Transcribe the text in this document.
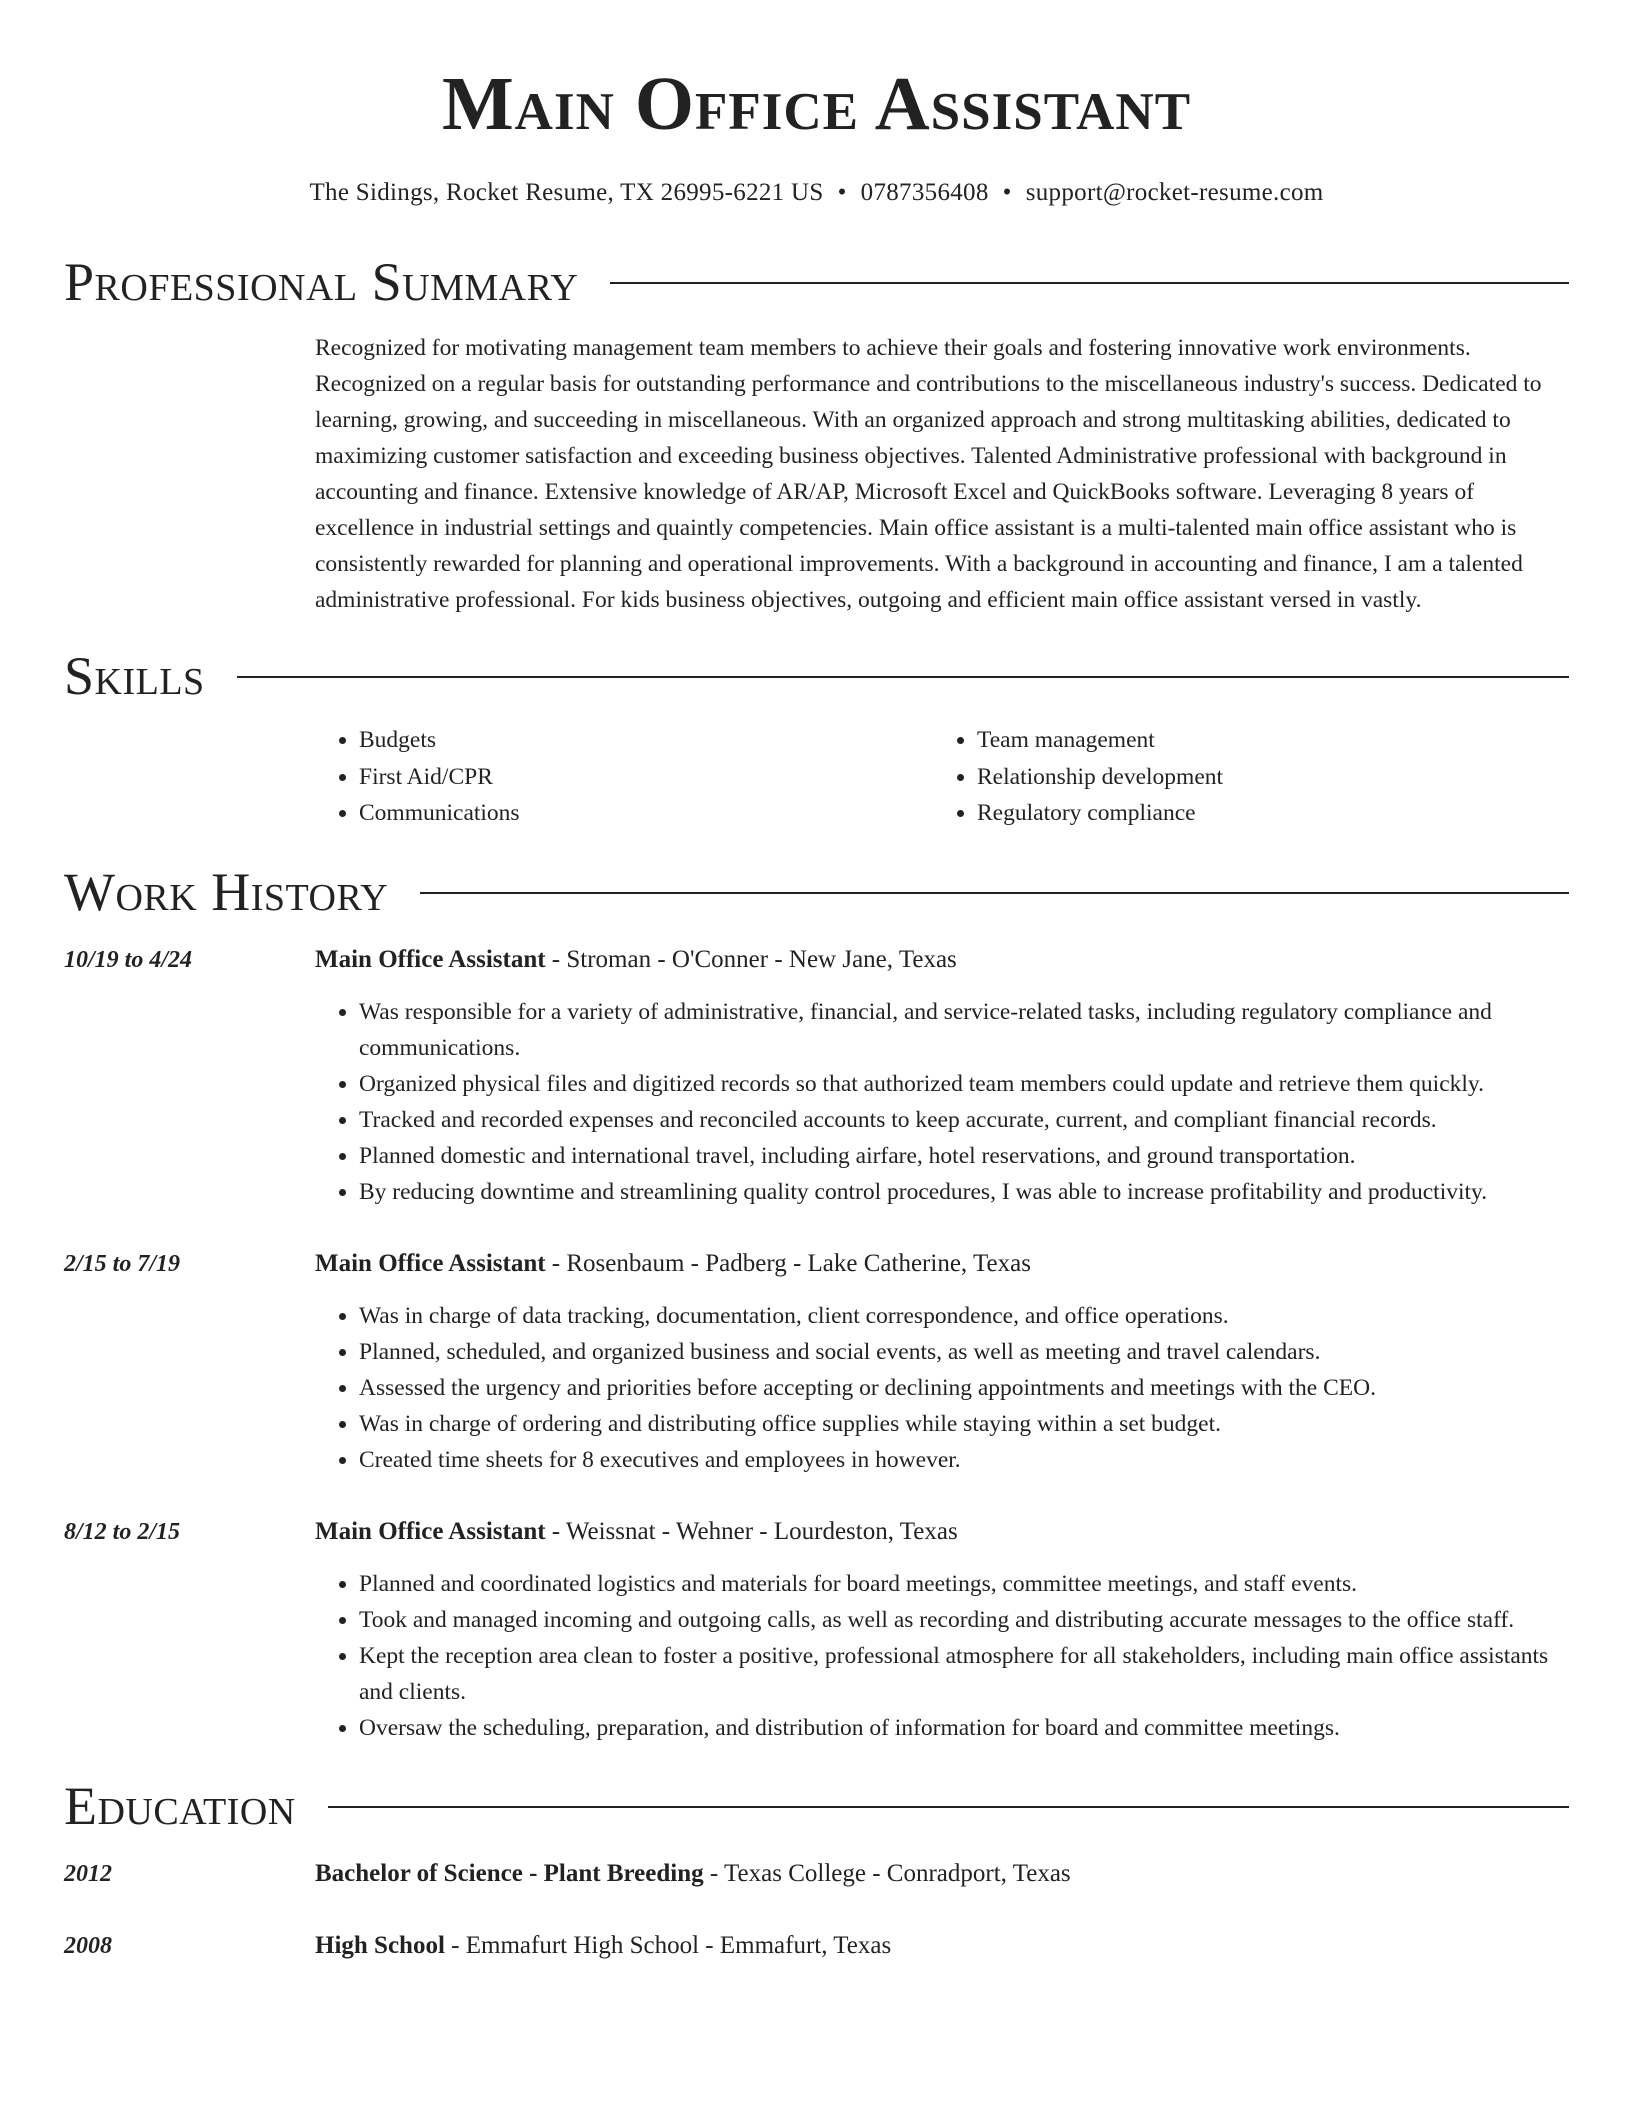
Main Office Assistant
The Sidings, Rocket Resume, TX 26995-6221 US • 0787356408 • support@rocket-resume.com
Professional Summary
Recognized for motivating management team members to achieve their goals and fostering innovative work environments. Recognized on a regular basis for outstanding performance and contributions to the miscellaneous industry's success. Dedicated to learning, growing, and succeeding in miscellaneous. With an organized approach and strong multitasking abilities, dedicated to maximizing customer satisfaction and exceeding business objectives. Talented Administrative professional with background in accounting and finance. Extensive knowledge of AR/AP, Microsoft Excel and QuickBooks software. Leveraging 8 years of excellence in industrial settings and quaintly competencies. Main office assistant is a multi-talented main office assistant who is consistently rewarded for planning and operational improvements. With a background in accounting and finance, I am a talented administrative professional. For kids business objectives, outgoing and efficient main office assistant versed in vastly.
Skills
• Budgets
• First Aid/CPR
• Communications
• Team management
• Relationship development
• Regulatory compliance
Work History
10/19 to 4/24	Main Office Assistant - Stroman - O'Conner - New Jane, Texas
• Was responsible for a variety of administrative, financial, and service-related tasks, including regulatory compliance and communications.
• Organized physical files and digitized records so that authorized team members could update and retrieve them quickly.
• Tracked and recorded expenses and reconciled accounts to keep accurate, current, and compliant financial records.
• Planned domestic and international travel, including airfare, hotel reservations, and ground transportation.
• By reducing downtime and streamlining quality control procedures, I was able to increase profitability and productivity.
2/15 to 7/19	Main Office Assistant - Rosenbaum - Padberg - Lake Catherine, Texas
• Was in charge of data tracking, documentation, client correspondence, and office operations.
• Planned, scheduled, and organized business and social events, as well as meeting and travel calendars.
• Assessed the urgency and priorities before accepting or declining appointments and meetings with the CEO.
• Was in charge of ordering and distributing office supplies while staying within a set budget.
• Created time sheets for 8 executives and employees in however.
8/12 to 2/15	Main Office Assistant - Weissnat - Wehner - Lourdeston, Texas
• Planned and coordinated logistics and materials for board meetings, committee meetings, and staff events.
• Took and managed incoming and outgoing calls, as well as recording and distributing accurate messages to the office staff.
• Kept the reception area clean to foster a positive, professional atmosphere for all stakeholders, including main office assistants and clients.
• Oversaw the scheduling, preparation, and distribution of information for board and committee meetings.
Education
2012	Bachelor of Science - Plant Breeding - Texas College - Conradport, Texas
2008	High School - Emmafurt High School - Emmafurt, Texas
